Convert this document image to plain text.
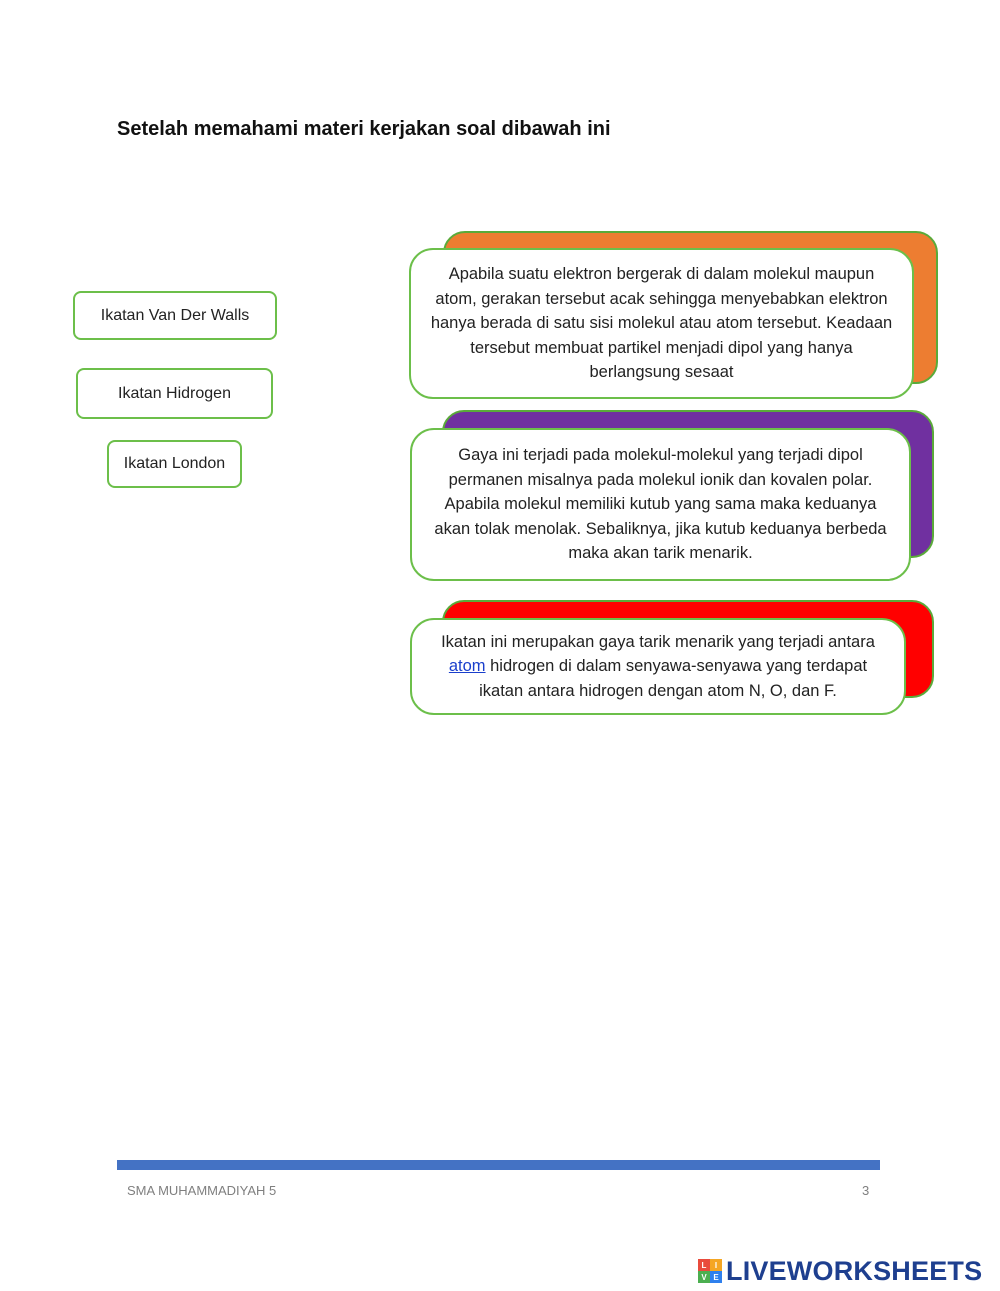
Setelah memahami materi kerjakan soal dibawah ini
Ikatan Van Der Walls
Ikatan Hidrogen
Ikatan London
Apabila suatu elektron bergerak di dalam molekul maupun atom, gerakan tersebut acak sehingga menyebabkan elektron hanya berada di satu sisi molekul atau atom tersebut. Keadaan tersebut membuat partikel menjadi dipol yang hanya berlangsung sesaat
Gaya ini terjadi pada molekul-molekul yang terjadi dipol permanen misalnya pada molekul ionik dan kovalen polar. Apabila molekul memiliki kutub yang sama maka keduanya akan tolak menolak. Sebaliknya, jika kutub keduanya berbeda maka akan tarik menarik.
Ikatan ini merupakan gaya tarik menarik yang terjadi antara atom hidrogen di dalam senyawa-senyawa yang terdapat ikatan antara hidrogen dengan atom N, O, dan F.
SMA MUHAMMADIYAH 5	3
L	I
V E LIVEWORKSHEETS
